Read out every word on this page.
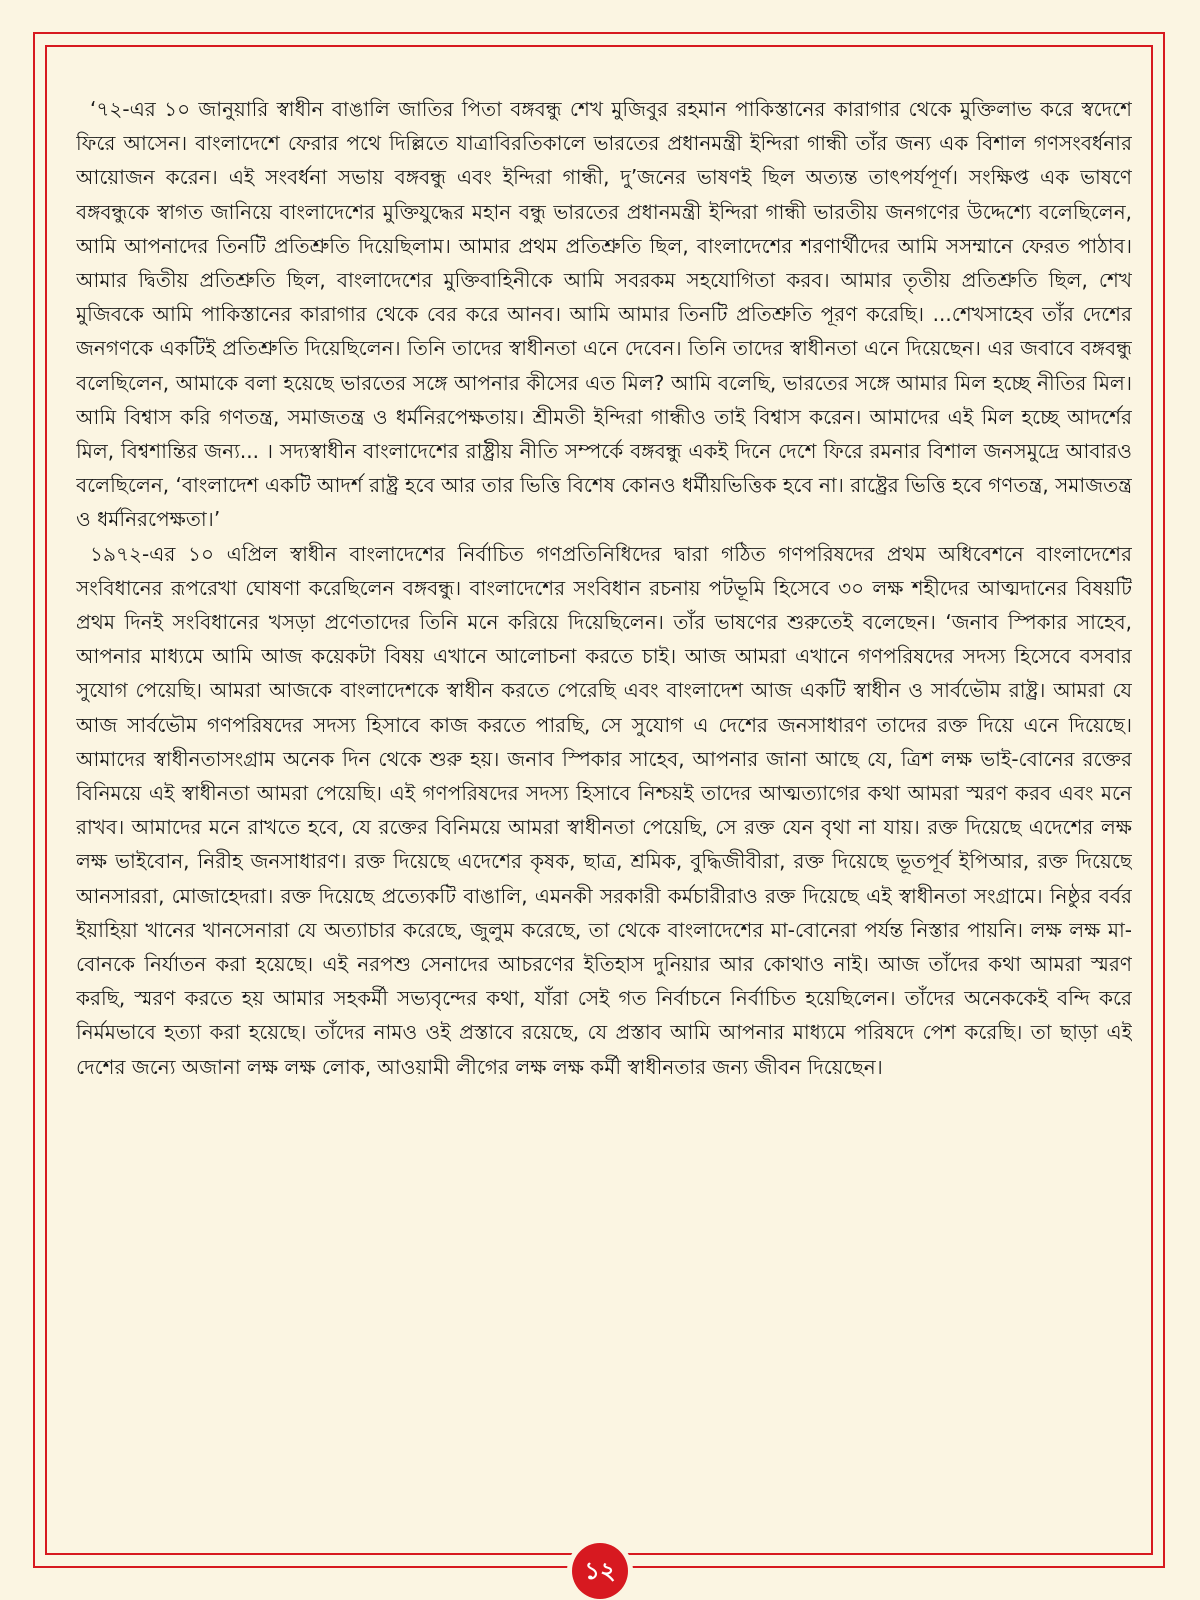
‘৭২-এর ১০ জানুয়ারি স্বাধীন বাঙালি জাতির পিতা বঙ্গবন্ধু শেখ মুজিবুর রহমান পাকিস্তানের কারাগার থেকে মুক্তিলাভ করে স্বদেশে ফিরে আসেন। বাংলাদেশে ফেরার পথে দিল্লিতে যাত্রাবিরতিকালে ভারতের প্রধানমন্ত্রী ইন্দিরা গান্ধী তাঁর জন্য এক বিশাল গণসংবর্ধনার আয়োজন করেন। এই সংবর্ধনা সভায় বঙ্গবন্ধু এবং ইন্দিরা গান্ধী, দু’জনের ভাষণই ছিল অত্যন্ত তাৎপর্যপূর্ণ। সংক্ষিপ্ত এক ভাষণে বঙ্গবন্ধুকে স্বাগত জানিয়ে বাংলাদেশের মুক্তিযুদ্ধের মহান বন্ধু ভারতের প্রধানমন্ত্রী ইন্দিরা গান্ধী ভারতীয় জনগণের উদ্দেশ্যে বলেছিলেন, আমি আপনাদের তিনটি প্রতিশ্রুতি দিয়েছিলাম। আমার প্রথম প্রতিশ্রুতি ছিল, বাংলাদেশের শরণার্থীদের আমি সসম্মানে ফেরত পাঠাব। আমার দ্বিতীয় প্রতিশ্রুতি ছিল, বাংলাদেশের মুক্তিবাহিনীকে আমি সবরকম সহযোগিতা করব। আমার তৃতীয় প্রতিশ্রুতি ছিল, শেখ মুজিবকে আমি পাকিস্তানের কারাগার থেকে বের করে আনব। আমি আমার তিনটি প্রতিশ্রুতি পূরণ করেছি। ...শেখসাহেব তাঁর দেশের জনগণকে একটিই প্রতিশ্রুতি দিয়েছিলেন। তিনি তাদের স্বাধীনতা এনে দেবেন। তিনি তাদের স্বাধীনতা এনে দিয়েছেন। এর জবাবে বঙ্গবন্ধু বলেছিলেন, আমাকে বলা হয়েছে ভারতের সঙ্গে আপনার কীসের এত মিল? আমি বলেছি, ভারতের সঙ্গে আমার মিল হচ্ছে নীতির মিল। আমি বিশ্বাস করি গণতন্ত্র, সমাজতন্ত্র ও ধর্মনিরপেক্ষতায়। শ্রীমতী ইন্দিরা গান্ধীও তাই বিশ্বাস করেন। আমাদের এই মিল হচ্ছে আদর্শের মিল, বিশ্বশান্তির জন্য... । সদ্যস্বাধীন বাংলাদেশের রাষ্ট্রীয় নীতি সম্পর্কে বঙ্গবন্ধু একই দিনে দেশে ফিরে রমনার বিশাল জনসমুদ্রে আবারও বলেছিলেন, ‘বাংলাদেশ একটি আদর্শ রাষ্ট্র হবে আর তার ভিত্তি বিশেষ কোনও ধর্মীয়ভিত্তিক হবে না। রাষ্ট্রের ভিত্তি হবে গণতন্ত্র, সমাজতন্ত্র ও ধর্মনিরপেক্ষতা।’

১৯৭২-এর ১০ এপ্রিল স্বাধীন বাংলাদেশের নির্বাচিত গণপ্রতিনিধিদের দ্বারা গঠিত গণপরিষদের প্রথম অধিবেশনে বাংলাদেশের সংবিধানের রূপরেখা ঘোষণা করেছিলেন বঙ্গবন্ধু। বাংলাদেশের সংবিধান রচনায় পটভূমি হিসেবে ৩০ লক্ষ শহীদের আত্মদানের বিষয়টি প্রথম দিনই সংবিধানের খসড়া প্রণেতাদের তিনি মনে করিয়ে দিয়েছিলেন। তাঁর ভাষণের শুরুতেই বলেছেন। ‘জনাব স্পিকার সাহেব, আপনার মাধ্যমে আমি আজ কয়েকটা বিষয় এখানে আলোচনা করতে চাই। আজ আমরা এখানে গণপরিষদের সদস্য হিসেবে বসবার সুযোগ পেয়েছি। আমরা আজকে বাংলাদেশকে স্বাধীন করতে পেরেছি এবং বাংলাদেশ আজ একটি স্বাধীন ও সার্বভৌম রাষ্ট্র। আমরা যে আজ সার্বভৌম গণপরিষদের সদস্য হিসাবে কাজ করতে পারছি, সে সুযোগ এ দেশের জনসাধারণ তাদের রক্ত দিয়ে এনে দিয়েছে। আমাদের স্বাধীনতাসংগ্রাম অনেক দিন থেকে শুরু হয়। জনাব স্পিকার সাহেব, আপনার জানা আছে যে, ত্রিশ লক্ষ ভাই-বোনের রক্তের বিনিময়ে এই স্বাধীনতা আমরা পেয়েছি। এই গণপরিষদের সদস্য হিসাবে নিশ্চয়ই তাদের আত্মত্যাগের কথা আমরা স্মরণ করব এবং মনে রাখব। আমাদের মনে রাখতে হবে, যে রক্তের বিনিময়ে আমরা স্বাধীনতা পেয়েছি, সে রক্ত যেন বৃথা না যায়। রক্ত দিয়েছে এদেশের লক্ষ লক্ষ ভাইবোন, নিরীহ জনসাধারণ। রক্ত দিয়েছে এদেশের কৃষক, ছাত্র, শ্রমিক, বুদ্ধিজীবীরা, রক্ত দিয়েছে ভূতপূর্ব ইপিআর, রক্ত দিয়েছে আনসাররা, মোজাহেদরা। রক্ত দিয়েছে প্রত্যেকটি বাঙালি, এমনকী সরকারী কর্মচারীরাও রক্ত দিয়েছে এই স্বাধীনতা সংগ্রামে। নিষ্ঠুর বর্বর ইয়াহিয়া খানের খানসেনারা যে অত্যাচার করেছে, জুলুম করেছে, তা থেকে বাংলাদেশের মা-বোনেরা পর্যন্ত নিস্তার পায়নি। লক্ষ লক্ষ মা-বোনকে নির্যাতন করা হয়েছে। এই নরপশু সেনাদের আচরণের ইতিহাস দুনিয়ার আর কোথাও নাই। আজ তাঁদের কথা আমরা স্মরণ করছি, স্মরণ করতে হয় আমার সহকর্মী সভ্যবৃন্দের কথা, যাঁরা সেই গত নির্বাচনে নির্বাচিত হয়েছিলেন। তাঁদের অনেককেই বন্দি করে নির্মমভাবে হত্যা করা হয়েছে। তাঁদের নামও ওই প্রস্তাবে রয়েছে, যে প্রস্তাব আমি আপনার মাধ্যমে পরিষদে পেশ করেছি। তা ছাড়া এই দেশের জন্যে অজানা লক্ষ লক্ষ লোক, আওয়ামী লীগের লক্ষ লক্ষ কর্মী স্বাধীনতার জন্য জীবন দিয়েছেন।

১২
